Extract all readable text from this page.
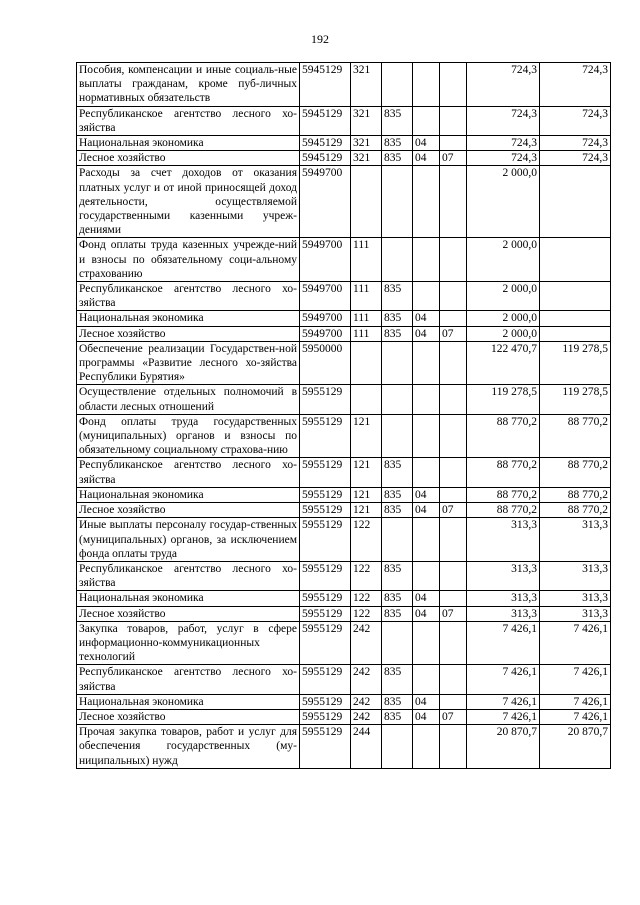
192
Пособия, компенсации и иные социаль-ные выплаты гражданам, кроме пуб-личных нормативных обязательств	5945129	321				724,3	724,3
Республиканское агентство лесного хо-зяйства	5945129	321	835			724,3	724,3
Национальная экономика	5945129	321	835	04		724,3	724,3
Лесное хозяйство	5945129	321	835	04	07	724,3	724,3
Расходы за счет доходов от оказания платных услуг и от иной приносящей доход деятельности, осуществляемой государственными казенными учреж-дениями	5949700					2 000,0	
Фонд оплаты труда казенных учрежде-ний и взносы по обязательному соци-альному страхованию	5949700	111				2 000,0	
Республиканское агентство лесного хо-зяйства	5949700	111	835			2 000,0	
Национальная экономика	5949700	111	835	04		2 000,0	
Лесное хозяйство	5949700	111	835	04	07	2 000,0	
Обеспечение реализации Государствен-ной программы «Развитие лесного хо-зяйства Республики Бурятия»	5950000					122 470,7	119 278,5
Осуществление отдельных полномочий в области лесных отношений	5955129					119 278,5	119 278,5
Фонд оплаты труда государственных (муниципальных) органов и взносы по обязательному социальному страхова-нию	5955129	121				88 770,2	88 770,2
Республиканское агентство лесного хо-зяйства	5955129	121	835			88 770,2	88 770,2
Национальная экономика	5955129	121	835	04		88 770,2	88 770,2
Лесное хозяйство	5955129	121	835	04	07	88 770,2	88 770,2
Иные выплаты персоналу государ-ственных (муниципальных) органов, за исключением фонда оплаты труда	5955129	122				313,3	313,3
Республиканское агентство лесного хо-зяйства	5955129	122	835			313,3	313,3
Национальная экономика	5955129	122	835	04		313,3	313,3
Лесное хозяйство	5955129	122	835	04	07	313,3	313,3
Закупка товаров, работ, услуг в сфере информационно-коммуникационных технологий	5955129	242				7 426,1	7 426,1
Республиканское агентство лесного хо-зяйства	5955129	242	835			7 426,1	7 426,1
Национальная экономика	5955129	242	835	04		7 426,1	7 426,1
Лесное хозяйство	5955129	242	835	04	07	7 426,1	7 426,1
Прочая закупка товаров, работ и услуг для обеспечения государственных (му-ниципальных) нужд	5955129	244				20 870,7	20 870,7
